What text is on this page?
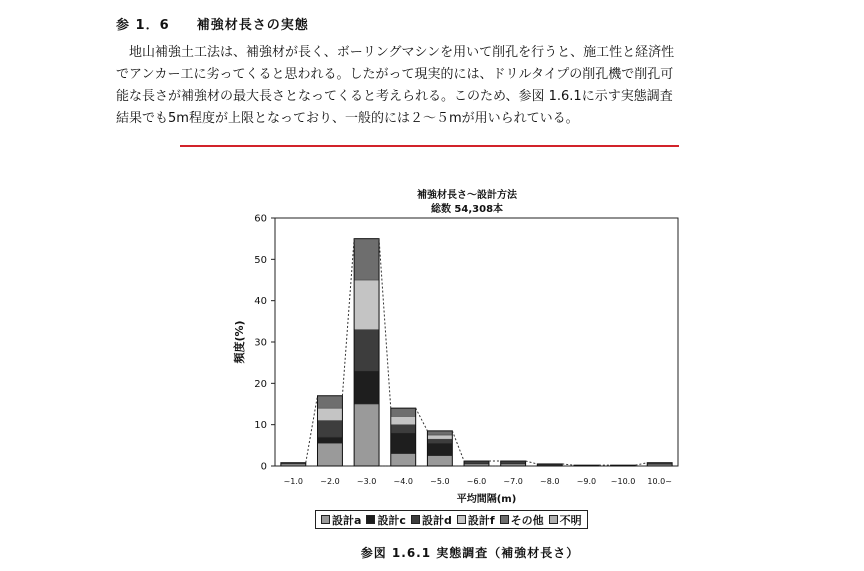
参 1．6 補強材長さの実態

地山補強土工法は、補強材が長く、ボーリングマシンを用いて削孔を行うと、施工性と経済性

でアンカー工に劣ってくると思われる。したがって現実的には、ドリルタイプの削孔機で削孔可

能な長さが補強材の最大長さとなってくると考えられる。このため、参図 1.6.1に示す実態調査

結果でも5m程度が上限となっており、一般的には２～５mが用いられている。

補強材長さ～設計方法
総数 54,308本
0
10
20
30
40
50
60
頻度(%)
平均間隔(m)
~1.0 ~2.0 ~3.0 ~4.0 ~5.0 ~6.0 ~7.0 ~8.0 ~9.0 ~10.0 10.0~
設計a 設計c 設計d 設計f その他 不明
参図 1.6.1 実態調査（補強材長さ）
